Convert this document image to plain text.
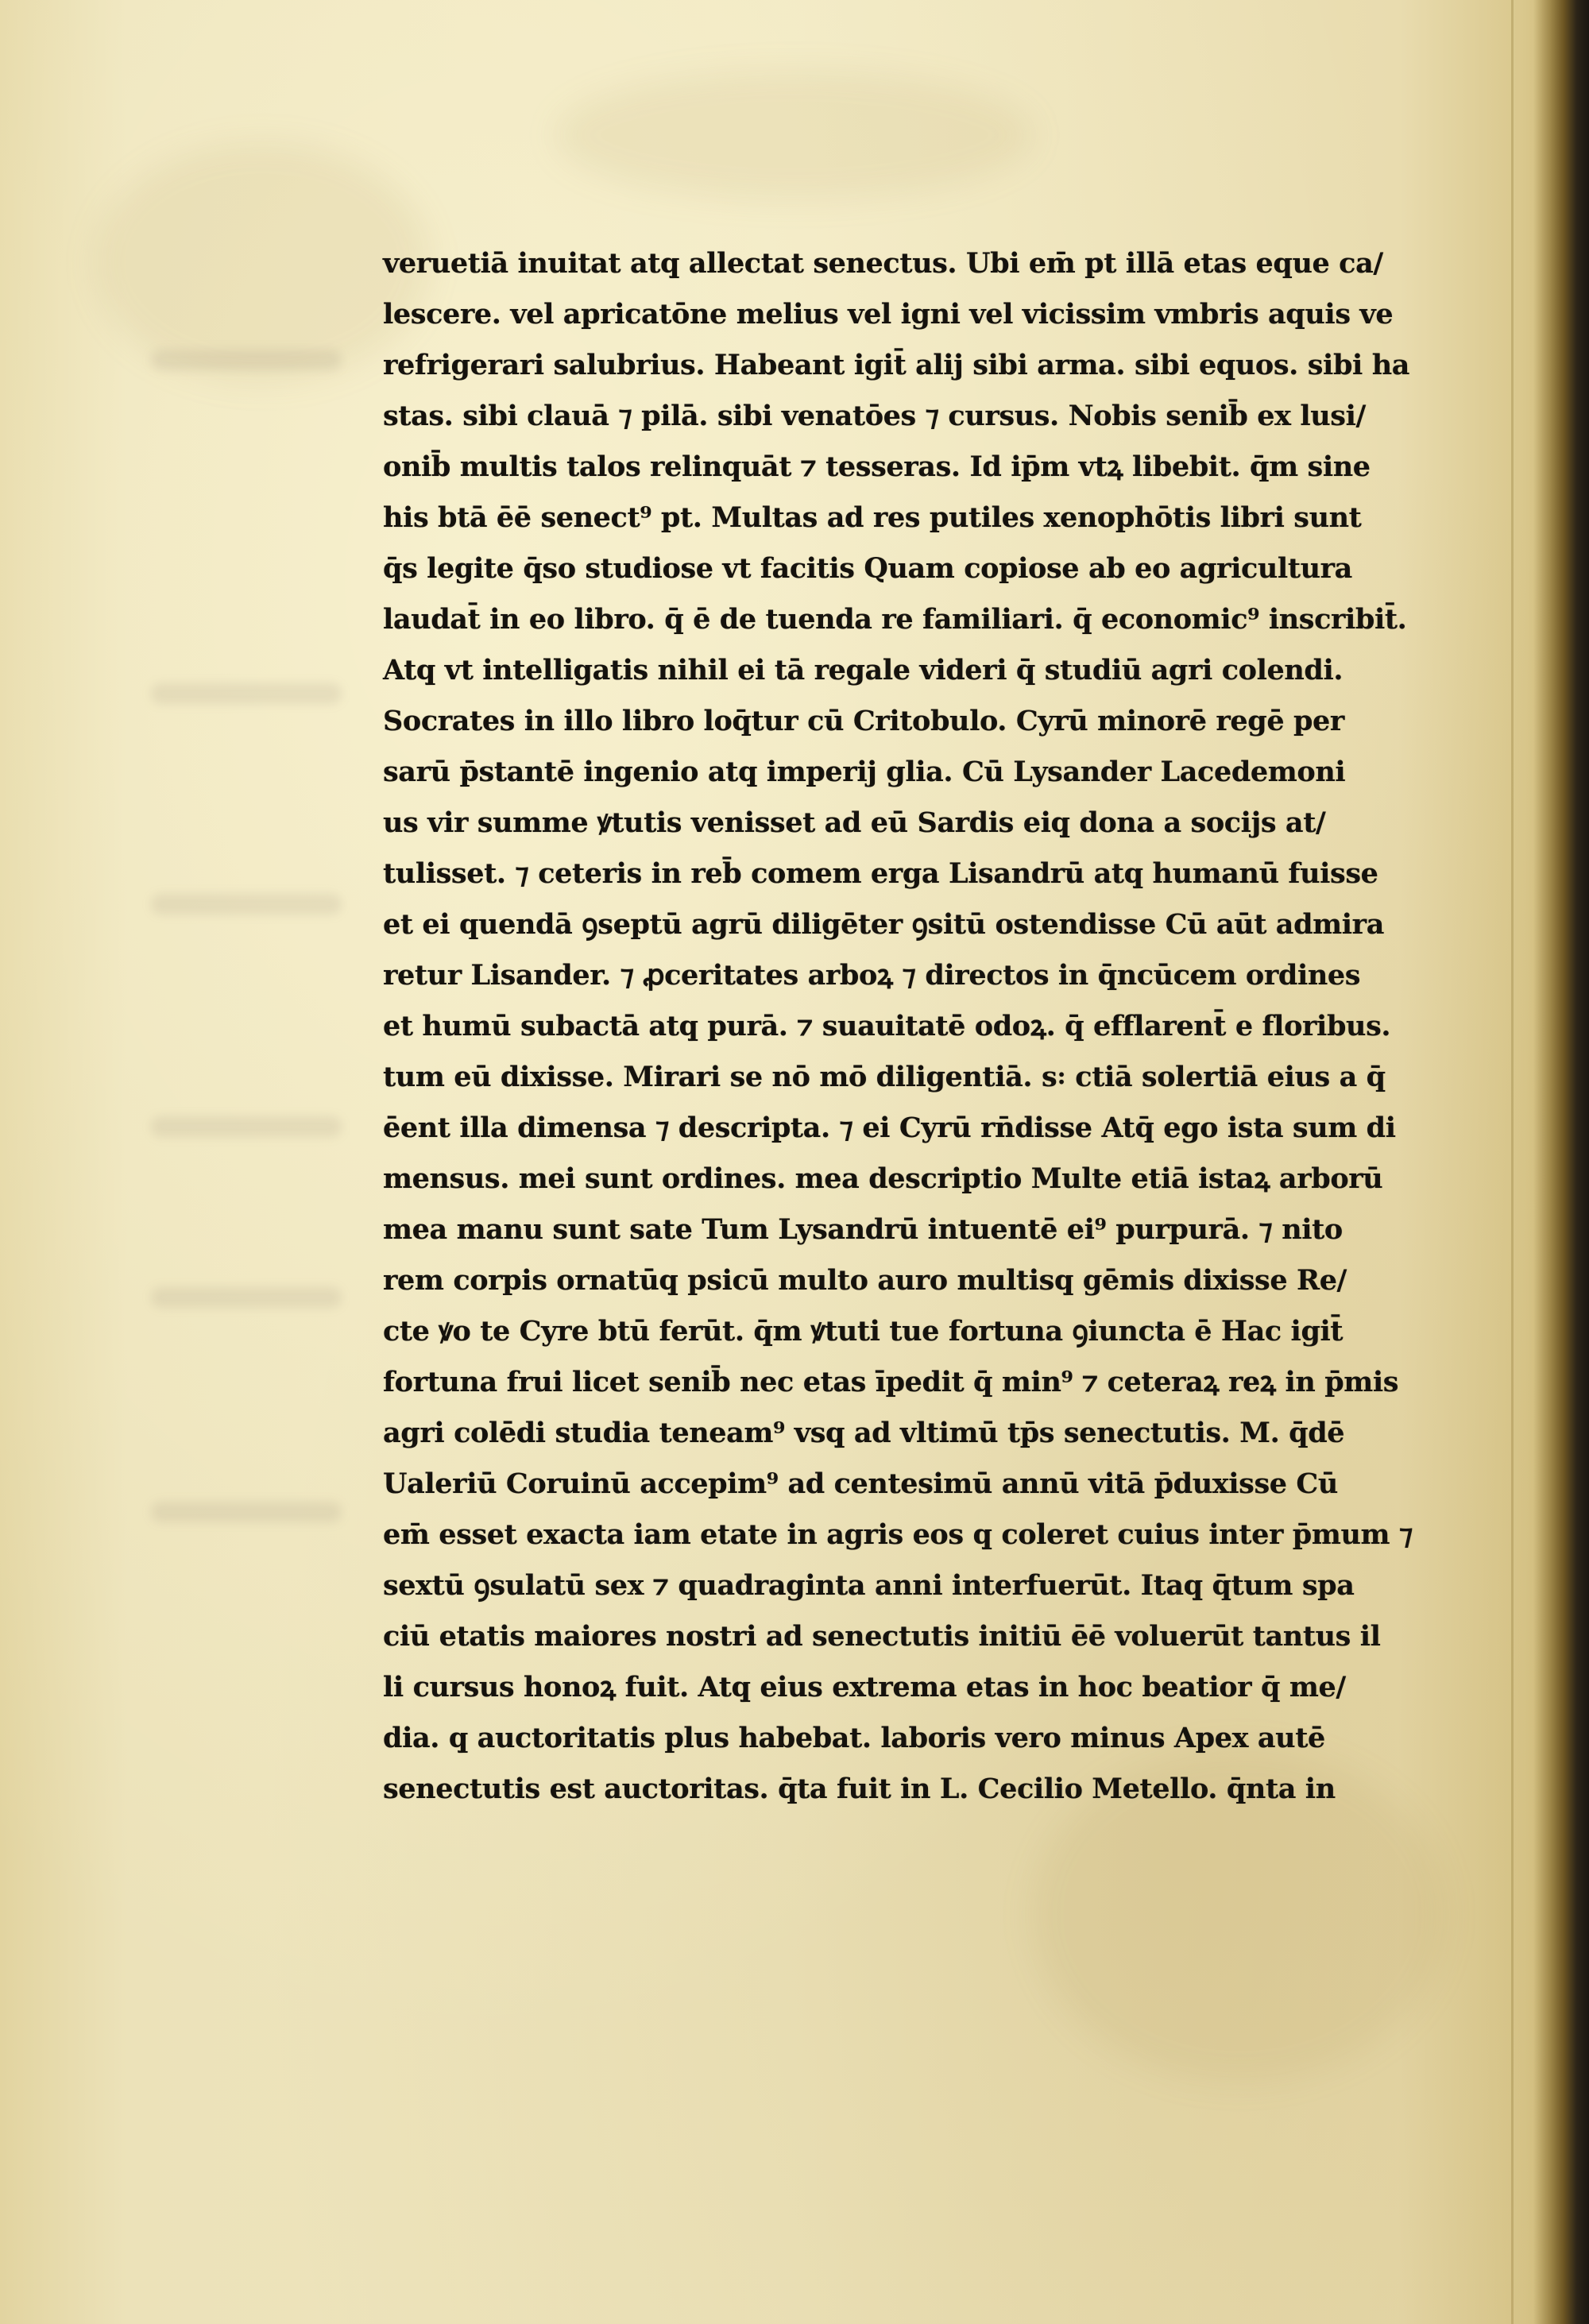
veruetiā inuitat atq̧ allectat senectus. Ubi em̄ pt illā etas eque ca/
lescere. vel apricatōne melius vel igni vel vicissim vmbris aquis ve
refrigerari salubrius. Habeant igit̄ alij sibi arma. sibi equos. sibi ha
stas. sibi clauā ⁊ pilā. sibi venatōes ⁊ cursus. Nobis senib̄ ex lusi/
onib̄ multis talos relinquāt ⁊ tesseras. Id ip̄m vtꝝ libebit. q̄m sine
his btā ēē senect⁹ pt. Multas ad res putiles xenophōtis libri sunt
q̄s legite q̄so studiose vt facitis Quam copiose ab eo agricultura
laudat̄ in eo libro. q̄ ē de tuenda re familiari. q̄ economic⁹ inscribit̄.
Atq̧ vt intelligatis nihil ei tā regale videri q̄ studiū agri colendi.
Socrates in illo libro loq̄tur cū Critobulo. Cyrū minorē regē per
sarū p̄stantē ingenio atq̧ imperij glia. Cū Lysander Lacedemoni
us vir summe ꝟtutis venisset ad eū Sardis eiq̧ dona a socijs at/
tulisset. ⁊ ceteris in reb̄ comem erga Lisandrū atq̧ humanū fuisse
et ei quendā ꝯseptū agrū diligēter ꝯsitū ostendisse Cū aūt admira
retur Lisander. ⁊ ꝓceritates arboꝝ ⁊ directos in q̄ncūcem ordines
et humū subactā atq̧ purā. ⁊ suauitatē odoꝝ. q̄ efflarent̄ e floribus.
tum eū dixisse. Mirari se nō mō diligentiā. s꞉ ctiā solertiā eius a q̄
ēent illa dimensa ⁊ descripta. ⁊ ei Cyrū rn̄disse Atq̄ ego ista sum di
mensus. mei sunt ordines. mea descriptio Multe etiā istaꝝ arborū
mea manu sunt sate Tum Lysandrū intuentē ei⁹ purpurā. ⁊ nito
rem corpis ornatūq̧ psicū multo auro multisq̧ gēmis dixisse Re/
cte ꝟo te Cyre btū ferūt. q̄m ꝟtuti tue fortuna ꝯiuncta ē Hac igit̄
fortuna frui licet senib̄ nec etas īpedit q̄ min⁹ ⁊ ceteraꝝ reꝝ in p̄mis
agri colēdi studia teneam⁹ vsq̧ ad vltimū tp̄s senectutis. M. q̄dē
Ualeriū Coruinū accepim⁹ ad centesimū annū vitā p̄duxisse Cū
em̄ esset exacta iam etate in agris eos q̧ coleret cuius inter p̄mum ⁊
sextū ꝯsulatū sex ⁊ quadraginta anni interfuerūt. Itaq̧ q̄tum spa
ciū etatis maiores nostri ad senectutis initiū ēē voluerūt tantus il
li cursus honoꝝ fuit. Atq̧ eius extrema etas in hoc beatior q̄ me/
dia. q̧ auctoritatis plus habebat. laboris vero minus Apex autē
senectutis est auctoritas. q̄ta fuit in L. Cecilio Metello. q̄nta in
